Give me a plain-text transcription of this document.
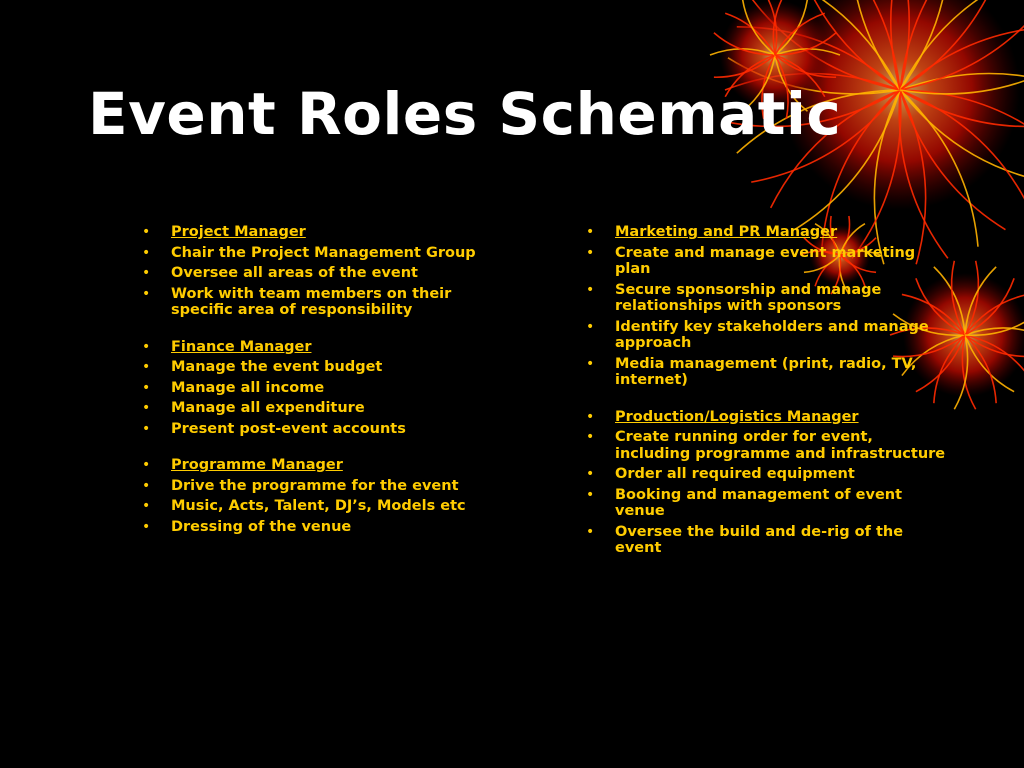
Event Roles Schematic
• Project Manager
• Chair the Project Management Group
• Oversee all areas of the event
• Work with team members on their specific area of responsibility
• Finance Manager
• Manage the event budget
• Manage all income
• Manage all expenditure
• Present post-event accounts
• Programme Manager
• Drive the programme for the event
• Music, Acts, Talent, DJ’s, Models etc
• Dressing of the venue
• Marketing and PR Manager
• Create and manage event marketing plan
• Secure sponsorship and manage relationships with sponsors
• Identify key stakeholders and manage approach
• Media management (print, radio, TV, internet)
• Production/Logistics Manager
• Create running order for event, including programme and infrastructure
• Order all required equipment
• Booking and management of event venue
• Oversee the build and de-rig of the event
